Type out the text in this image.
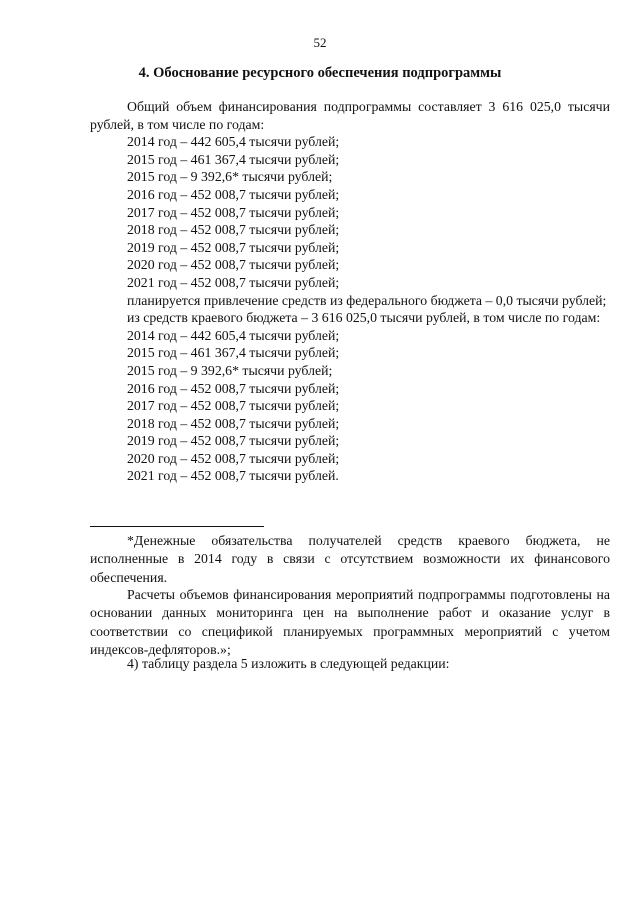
52
4. Обоснование ресурсного обеспечения подпрограммы
Общий объем финансирования подпрограммы составляет 3 616 025,0 тысячи рублей, в том числе по годам:
2014 год – 442 605,4 тысячи рублей;
2015 год – 461 367,4 тысячи рублей;
2015 год – 9 392,6* тысячи рублей;
2016 год – 452 008,7 тысячи рублей;
2017 год – 452 008,7 тысячи рублей;
2018 год – 452 008,7 тысячи рублей;
2019 год – 452 008,7 тысячи рублей;
2020 год – 452 008,7 тысячи рублей;
2021 год – 452 008,7 тысячи рублей;
планируется привлечение средств из федерального бюджета – 0,0 тысячи рублей;
из средств краевого бюджета – 3 616 025,0 тысячи рублей, в том числе по годам:
2014 год – 442 605,4 тысячи рублей;
2015 год – 461 367,4 тысячи рублей;
2015 год – 9 392,6* тысячи рублей;
2016 год – 452 008,7 тысячи рублей;
2017 год – 452 008,7 тысячи рублей;
2018 год – 452 008,7 тысячи рублей;
2019 год – 452 008,7 тысячи рублей;
2020 год – 452 008,7 тысячи рублей;
2021 год – 452 008,7 тысячи рублей.
*Денежные обязательства получателей средств краевого бюджета, не исполненные в 2014 году в связи с отсутствием возможности их финансового обеспечения.
Расчеты объемов финансирования мероприятий подпрограммы подготовлены на основании данных мониторинга цен на выполнение работ и оказание услуг в соответствии со спецификой планируемых программных мероприятий с учетом индексов-дефляторов.»;
4) таблицу раздела 5 изложить в следующей редакции:
